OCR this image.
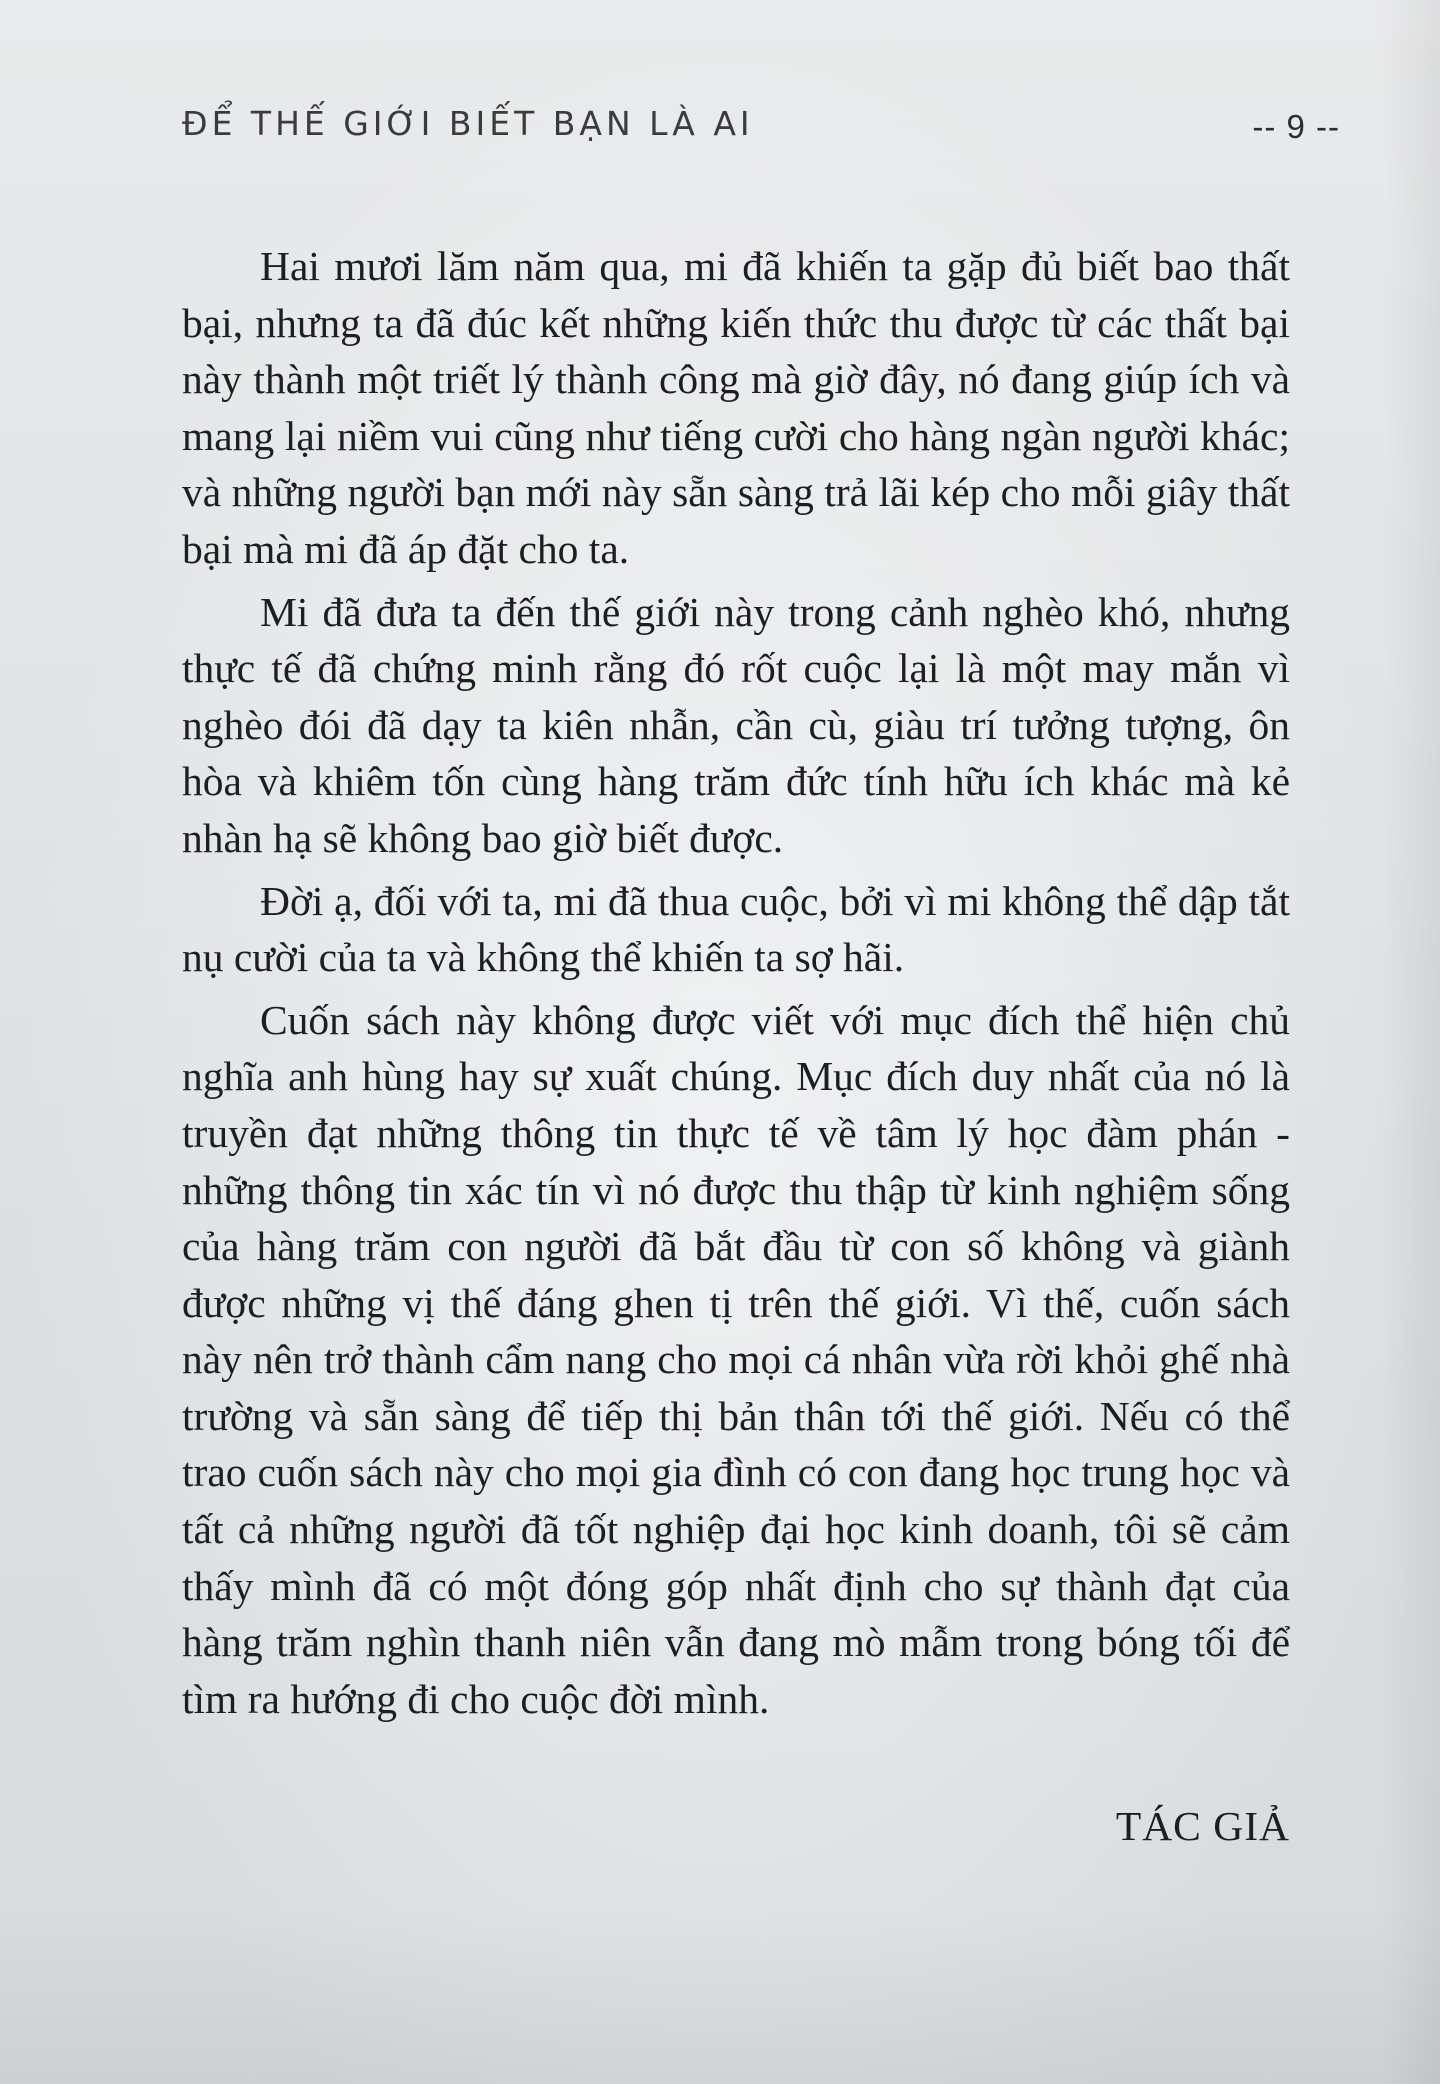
ĐỂ THẾ GIỚI BIẾT BẠN LÀ AI	-- 9 --

Hai mươi lăm năm qua, mi đã khiến ta gặp đủ biết bao thất bại, nhưng ta đã đúc kết những kiến thức thu được từ các thất bại này thành một triết lý thành công mà giờ đây, nó đang giúp ích và mang lại niềm vui cũng như tiếng cười cho hàng ngàn người khác; và những người bạn mới này sẵn sàng trả lãi kép cho mỗi giây thất bại mà mi đã áp đặt cho ta.

Mi đã đưa ta đến thế giới này trong cảnh nghèo khó, nhưng thực tế đã chứng minh rằng đó rốt cuộc lại là một may mắn vì nghèo đói đã dạy ta kiên nhẫn, cần cù, giàu trí tưởng tượng, ôn hòa và khiêm tốn cùng hàng trăm đức tính hữu ích khác mà kẻ nhàn hạ sẽ không bao giờ biết được.

Đời ạ, đối với ta, mi đã thua cuộc, bởi vì mi không thể dập tắt nụ cười của ta và không thể khiến ta sợ hãi.

Cuốn sách này không được viết với mục đích thể hiện chủ nghĩa anh hùng hay sự xuất chúng. Mục đích duy nhất của nó là truyền đạt những thông tin thực tế về tâm lý học đàm phán - những thông tin xác tín vì nó được thu thập từ kinh nghiệm sống của hàng trăm con người đã bắt đầu từ con số không và giành được những vị thế đáng ghen tị trên thế giới. Vì thế, cuốn sách này nên trở thành cẩm nang cho mọi cá nhân vừa rời khỏi ghế nhà trường và sẵn sàng để tiếp thị bản thân tới thế giới. Nếu có thể trao cuốn sách này cho mọi gia đình có con đang học trung học và tất cả những người đã tốt nghiệp đại học kinh doanh, tôi sẽ cảm thấy mình đã có một đóng góp nhất định cho sự thành đạt của hàng trăm nghìn thanh niên vẫn đang mò mẫm trong bóng tối để tìm ra hướng đi cho cuộc đời mình.

TÁC GIẢ
